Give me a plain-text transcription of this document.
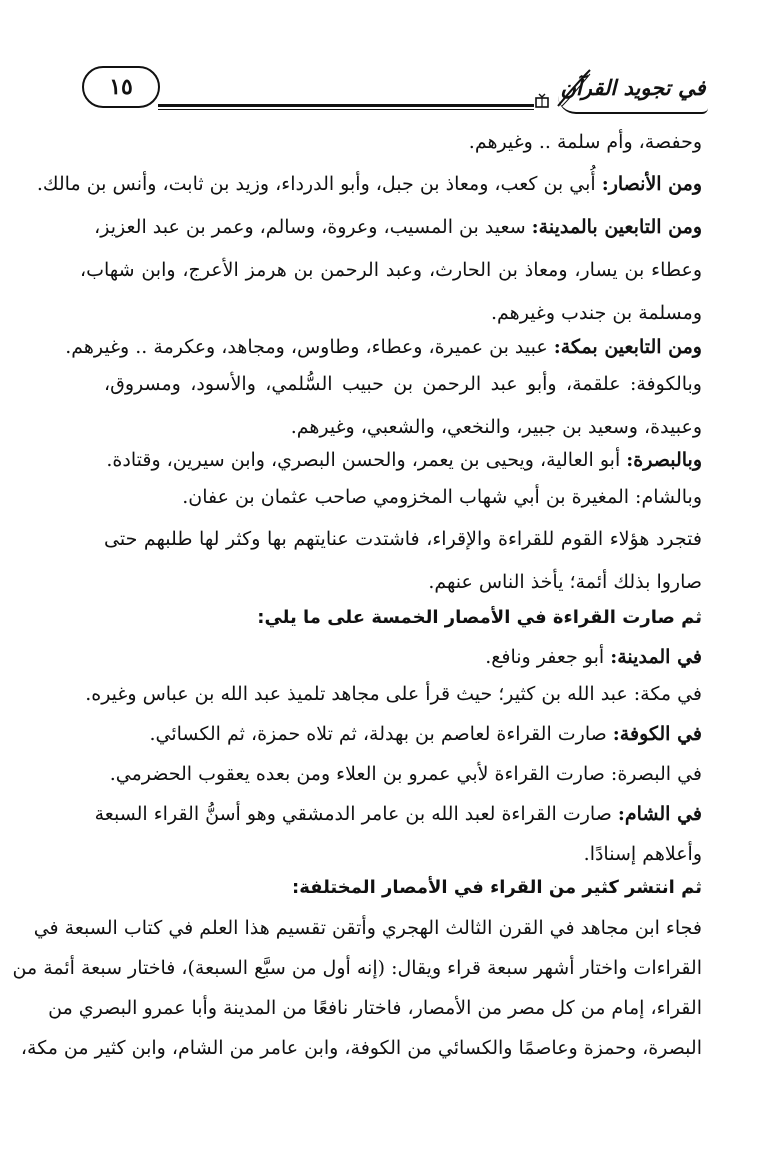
١٥	في تجويد القرآن
وحفصة، وأم سلمة .. وغيرهم.
ومن الأنصار: أُبي بن كعب، ومعاذ بن جبل، وأبو الدرداء، وزيد بن ثابت، وأنس بن مالك.
ومن التابعين بالمدينة: سعيد بن المسيب، وعروة، وسالم، وعمر بن عبد العزيز،
وعطاء بن يسار، ومعاذ بن الحارث، وعبد الرحمن بن هرمز الأعرج، وابن شهاب،
ومسلمة بن جندب وغيرهم.
ومن التابعين بمكة: عبيد بن عميرة، وعطاء، وطاوس، ومجاهد، وعكرمة .. وغيرهم.
وبالكوفة: علقمة، وأبو عبد الرحمن بن حبيب السُّلمي، والأسود، ومسروق،
وعبيدة، وسعيد بن جبير، والنخعي، والشعبي، وغيرهم.
وبالبصرة: أبو العالية، ويحيى بن يعمر، والحسن البصري، وابن سيرين، وقتادة.
وبالشام: المغيرة بن أبي شهاب المخزومي صاحب عثمان بن عفان.
فتجرد هؤلاء القوم للقراءة والإقراء، فاشتدت عنايتهم بها وكثر لها طلبهم حتى
صاروا بذلك أئمة؛ يأخذ الناس عنهم.
ثم صارت القراءة في الأمصار الخمسة على ما يلي:
في المدينة: أبو جعفر ونافع.
في مكة: عبد الله بن كثير؛ حيث قرأ على مجاهد تلميذ عبد الله بن عباس وغيره.
في الكوفة: صارت القراءة لعاصم بن بهدلة، ثم تلاه حمزة، ثم الكسائي.
في البصرة: صارت القراءة لأبي عمرو بن العلاء ومن بعده يعقوب الحضرمي.
في الشام: صارت القراءة لعبد الله بن عامر الدمشقي وهو أسنُّ القراء السبعة
وأعلاهم إسنادًا.
ثم انتشر كثير من القراء في الأمصار المختلفة:
فجاء ابن مجاهد في القرن الثالث الهجري وأتقن تقسيم هذا العلم في كتاب السبعة في
القراءات واختار أشهر سبعة قراء ويقال: (إنه أول من سبَّع السبعة)، فاختار سبعة أئمة من
القراء، إمام من كل مصر من الأمصار، فاختار نافعًا من المدينة وأبا عمرو البصري من
البصرة، وحمزة وعاصمًا والكسائي من الكوفة، وابن عامر من الشام، وابن كثير من مكة،
